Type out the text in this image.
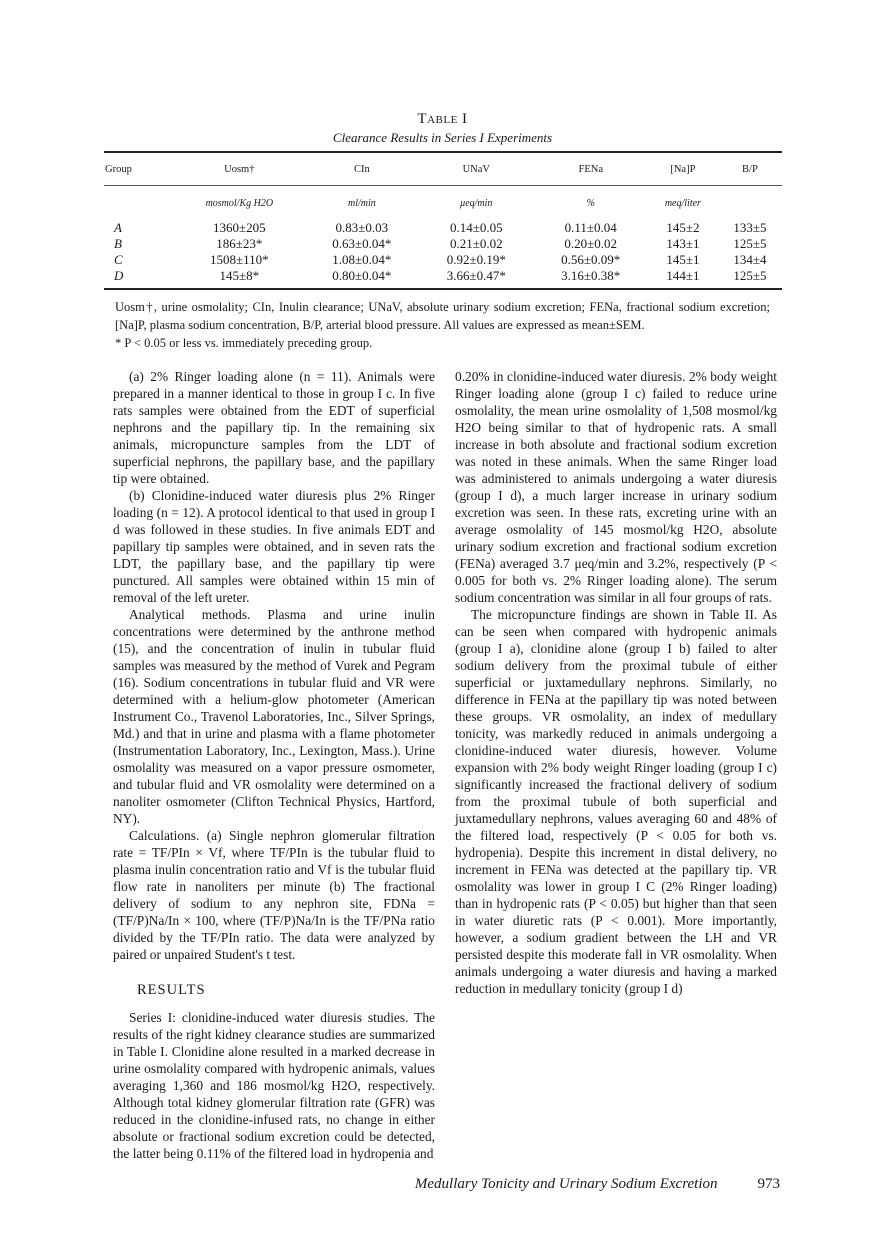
Table I
Clearance Results in Series I Experiments
Group	Uosm†	CIn	UNaV	FENa	[Na]P	B/P
	mosmol/Kg H2O	ml/min	μeq/min	%	meq/liter	
A	1360±205	0.83±0.03	0.14±0.05	0.11±0.04	145±2	133±5
B	186±23*	0.63±0.04*	0.21±0.02	0.20±0.02	143±1	125±5
C	1508±110*	1.08±0.04*	0.92±0.19*	0.56±0.09*	145±1	134±4
D	145±8*	0.80±0.04*	3.66±0.47*	3.16±0.38*	144±1	125±5
Uosm†, urine osmolality; CIn, Inulin clearance; UNaV, absolute urinary sodium excretion; FENa, fractional sodium excretion; [Na]P, plasma sodium concentration, B/P, arterial blood pressure. All values are expressed as mean±SEM.
* P < 0.05 or less vs. immediately preceding group.

(a) 2% Ringer loading alone (n = 11). Animals were prepared in a manner identical to those in group I c. In five rats samples were obtained from the EDT of superficial nephrons and the papillary tip. In the remaining six animals, micropuncture samples from the LDT of superficial nephrons, the papillary base, and the papillary tip were obtained.

(b) Clonidine-induced water diuresis plus 2% Ringer loading (n = 12). A protocol identical to that used in group I d was followed in these studies. In five animals EDT and papillary tip samples were obtained, and in seven rats the LDT, the papillary base, and the papillary tip were punctured. All samples were obtained within 15 min of removal of the left ureter.

Analytical methods. Plasma and urine inulin concentrations were determined by the anthrone method (15), and the concentration of inulin in tubular fluid samples was measured by the method of Vurek and Pegram (16). Sodium concentrations in tubular fluid and VR were determined with a helium-glow photometer (American Instrument Co., Travenol Laboratories, Inc., Silver Springs, Md.) and that in urine and plasma with a flame photometer (Instrumentation Laboratory, Inc., Lexington, Mass.). Urine osmolality was measured on a vapor pressure osmometer, and tubular fluid and VR osmolality were determined on a nanoliter osmometer (Clifton Technical Physics, Hartford, NY).

Calculations. (a) Single nephron glomerular filtration rate = TF/PIn × Vf, where TF/PIn is the tubular fluid to plasma inulin concentration ratio and Vf is the tubular fluid flow rate in nanoliters per minute (b) The fractional delivery of sodium to any nephron site, FDNa = (TF/P)Na/In × 100, where (TF/P)Na/In is the TF/PNa ratio divided by the TF/PIn ratio. The data were analyzed by paired or unpaired Student's t test.

RESULTS

Series I: clonidine-induced water diuresis studies. The results of the right kidney clearance studies are summarized in Table I. Clonidine alone resulted in a marked decrease in urine osmolality compared with hydropenic animals, values averaging 1,360 and 186 mosmol/kg H2O, respectively. Although total kidney glomerular filtration rate (GFR) was reduced in the clonidine-infused rats, no change in either absolute or fractional sodium excretion could be detected, the latter being 0.11% of the filtered load in hydropenia and

0.20% in clonidine-induced water diuresis. 2% body weight Ringer loading alone (group I c) failed to reduce urine osmolality, the mean urine osmolality of 1,508 mosmol/kg H2O being similar to that of hydropenic rats. A small increase in both absolute and fractional sodium excretion was noted in these animals. When the same Ringer load was administered to animals undergoing a water diuresis (group I d), a much larger increase in urinary sodium excretion was seen. In these rats, excreting urine with an average osmolality of 145 mosmol/kg H2O, absolute urinary sodium excretion and fractional sodium excretion (FENa) averaged 3.7 μeq/min and 3.2%, respectively (P < 0.005 for both vs. 2% Ringer loading alone). The serum sodium concentration was similar in all four groups of rats.

The micropuncture findings are shown in Table II. As can be seen when compared with hydropenic animals (group I a), clonidine alone (group I b) failed to alter sodium delivery from the proximal tubule of either superficial or juxtamedullary nephrons. Similarly, no difference in FENa at the papillary tip was noted between these groups. VR osmolality, an index of medullary tonicity, was markedly reduced in animals undergoing a clonidine-induced water diuresis, however. Volume expansion with 2% body weight Ringer loading (group I c) significantly increased the fractional delivery of sodium from the proximal tubule of both superficial and juxtamedullary nephrons, values averaging 60 and 48% of the filtered load, respectively (P < 0.05 for both vs. hydropenia). Despite this increment in distal delivery, no increment in FENa was detected at the papillary tip. VR osmolality was lower in group I C (2% Ringer loading) than in hydropenic rats (P < 0.05) but higher than that seen in water diuretic rats (P < 0.001). More importantly, however, a sodium gradient between the LH and VR persisted despite this moderate fall in VR osmolality. When animals undergoing a water diuresis and having a marked reduction in medullary tonicity (group I d)

Medullary Tonicity and Urinary Sodium Excretion	973
